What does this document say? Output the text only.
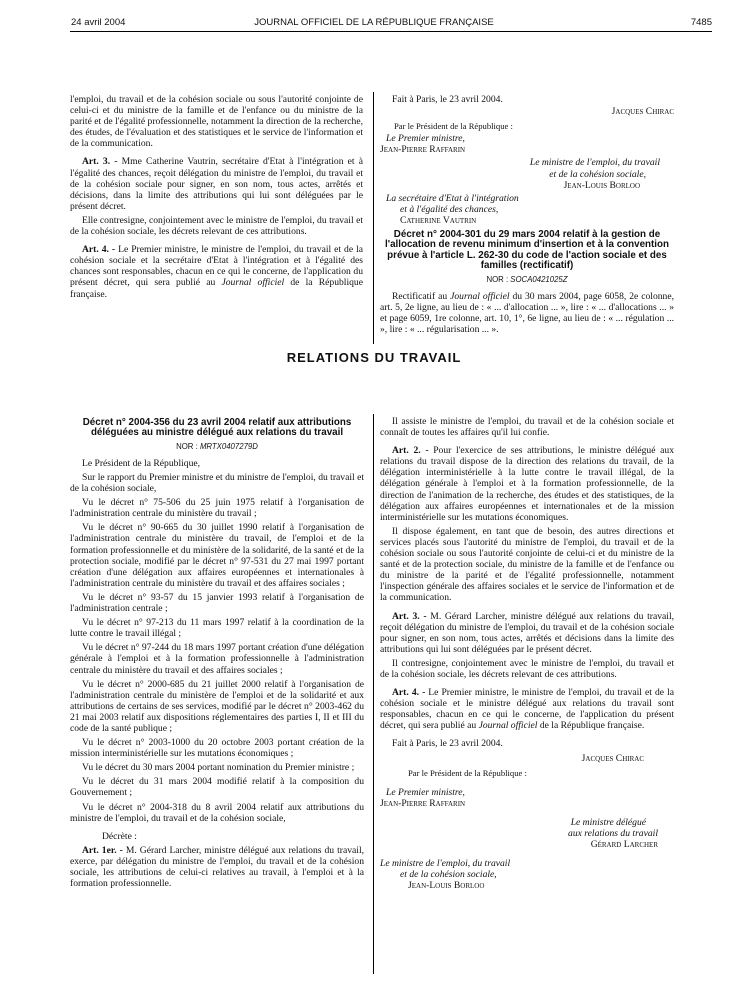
24 avril 2004	JOURNAL OFFICIEL DE LA RÉPUBLIQUE FRANÇAISE	7485

l'emploi, du travail et de la cohésion sociale ou sous l'autorité conjointe de celui-ci et du ministre de la famille et de l'enfance ou du ministre de la parité et de l'égalité professionnelle, notamment la direction de la recherche, des études, de l'évaluation et des statistiques et le service de l'information et de la communication.

Art. 3. - Mme Catherine Vautrin, secrétaire d'Etat à l'intégration et à l'égalité des chances, reçoit délégation du ministre de l'emploi, du travail et de la cohésion sociale pour signer, en son nom, tous actes, arrêtés et décisions, dans la limite des attributions qui lui sont déléguées par le présent décret.

Elle contresigne, conjointement avec le ministre de l'emploi, du travail et de la cohésion sociale, les décrets relevant de ces attributions.

Art. 4. - Le Premier ministre, le ministre de l'emploi, du travail et de la cohésion sociale et la secrétaire d'Etat à l'intégration et à l'égalité des chances sont responsables, chacun en ce qui le concerne, de l'application du présent décret, qui sera publié au Journal officiel de la République française.

Fait à Paris, le 23 avril 2004.

Jacques Chirac
Par le Président de la République :
Le Premier ministre,
Jean-Pierre Raffarin
Le ministre de l'emploi, du travail
et de la cohésion sociale,
Jean-Louis Borloo
La secrétaire d'Etat à l'intégration
et à l'égalité des chances,
Catherine Vautrin
Décret n° 2004-301 du 29 mars 2004 relatif à la gestion de l'allocation de revenu minimum d'insertion et à la convention prévue à l'article L. 262-30 du code de l'action sociale et des familles (rectificatif)
NOR : SOCA0421025Z

Rectificatif au Journal officiel du 30 mars 2004, page 6058, 2e colonne, art. 5, 2e ligne, au lieu de : « ... d'allocation ... », lire : « ... d'allocations ... » et page 6059, 1re colonne, art. 10, 1°, 6e ligne, au lieu de : « ... régulation ... », lire : « ... régularisation ... ».

RELATIONS DU TRAVAIL
Décret n° 2004-356 du 23 avril 2004 relatif aux attributions déléguées au ministre délégué aux relations du travail
NOR : MRTX0407279D

Le Président de la République,

Sur le rapport du Premier ministre et du ministre de l'emploi, du travail et de la cohésion sociale,

Vu le décret n° 75-506 du 25 juin 1975 relatif à l'organisation de l'administration centrale du ministère du travail ;

Vu le décret n° 90-665 du 30 juillet 1990 relatif à l'organisation de l'administration centrale du ministère du travail, de l'emploi et de la formation professionnelle et du ministère de la solidarité, de la santé et de la protection sociale, modifié par le décret n° 97-531 du 27 mai 1997 portant création d'une délégation aux affaires européennes et internationales à l'administration centrale du ministère du travail et des affaires sociales ;

Vu le décret n° 93-57 du 15 janvier 1993 relatif à l'organisation de l'administration centrale ;

Vu le décret n° 97-213 du 11 mars 1997 relatif à la coordination de la lutte contre le travail illégal ;

Vu le décret n° 97-244 du 18 mars 1997 portant création d'une délégation générale à l'emploi et à la formation professionnelle à l'administration centrale du ministère du travail et des affaires sociales ;

Vu le décret n° 2000-685 du 21 juillet 2000 relatif à l'organisation de l'administration centrale du ministère de l'emploi et de la solidarité et aux attributions de certains de ses services, modifié par le décret n° 2003-462 du 21 mai 2003 relatif aux dispositions réglementaires des parties I, II et III du code de la santé publique ;

Vu le décret n° 2003-1000 du 20 octobre 2003 portant création de la mission interministérielle sur les mutations économiques ;

Vu le décret du 30 mars 2004 portant nomination du Premier ministre ;

Vu le décret du 31 mars 2004 modifié relatif à la composition du Gouvernement ;

Vu le décret n° 2004-318 du 8 avril 2004 relatif aux attributions du ministre de l'emploi, du travail et de la cohésion sociale,

Décrète :

Art. 1er. - M. Gérard Larcher, ministre délégué aux relations du travail, exerce, par délégation du ministre de l'emploi, du travail et de la cohésion sociale, les attributions de celui-ci relatives au travail, à l'emploi et à la formation professionnelle.

Il assiste le ministre de l'emploi, du travail et de la cohésion sociale et connaît de toutes les affaires qu'il lui confie.

Art. 2. - Pour l'exercice de ses attributions, le ministre délégué aux relations du travail dispose de la direction des relations du travail, de la délégation interministérielle à la lutte contre le travail illégal, de la délégation générale à l'emploi et à la formation professionnelle, de la direction de l'animation de la recherche, des études et des statistiques, de la délégation aux affaires européennes et internationales et de la mission interministérielle sur les mutations économiques.

Il dispose également, en tant que de besoin, des autres directions et services placés sous l'autorité du ministre de l'emploi, du travail et de la cohésion sociale ou sous l'autorité conjointe de celui-ci et du ministre de la santé et de la protection sociale, du ministre de la famille et de l'enfance ou du ministre de la parité et de l'égalité professionnelle, notamment l'inspection générale des affaires sociales et le service de l'information et de la communication.

Art. 3. - M. Gérard Larcher, ministre délégué aux relations du travail, reçoit délégation du ministre de l'emploi, du travail et de la cohésion sociale pour signer, en son nom, tous actes, arrêtés et décisions dans la limite des attributions qui lui sont déléguées par le présent décret.

Il contresigne, conjointement avec le ministre de l'emploi, du travail et de la cohésion sociale, les décrets relevant de ces attributions.

Art. 4. - Le Premier ministre, le ministre de l'emploi, du travail et de la cohésion sociale et le ministre délégué aux relations du travail sont responsables, chacun en ce qui le concerne, de l'application du présent décret, qui sera publié au Journal officiel de la République française.

Fait à Paris, le 23 avril 2004.

Jacques Chirac
Par le Président de la République :
Le Premier ministre,
Jean-Pierre Raffarin
Le ministre délégué
aux relations du travail
Gérard Larcher
Le ministre de l'emploi, du travail
et de la cohésion sociale,
Jean-Louis Borloo
